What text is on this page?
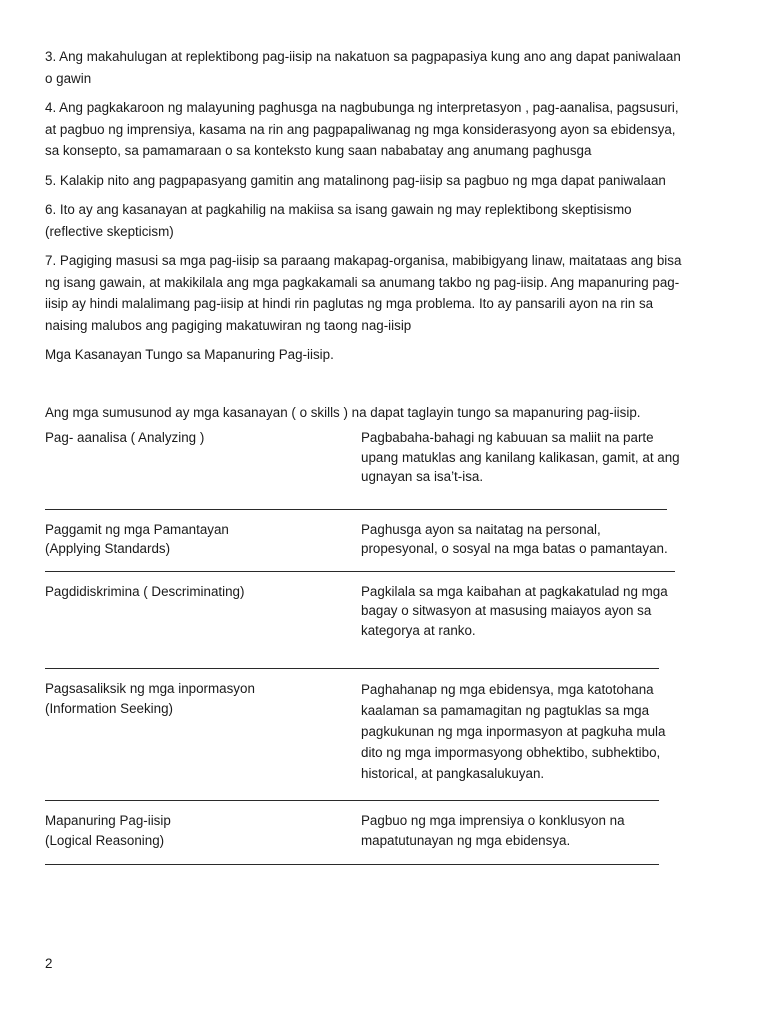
3. Ang makahulugan at replektibong pag-iisip na nakatuon sa pagpapasiya kung ano ang dapat paniwalaan o gawin

4. Ang pagkakaroon ng malayuning paghusga na nagbubunga ng interpretasyon , pag-aanalisa, pagsusuri, at pagbuo ng imprensiya, kasama na rin ang pagpapaliwanag ng mga konsiderasyong ayon sa ebidensya, sa konsepto, sa pamamaraan o sa konteksto kung saan nababatay ang anumang paghusga

5. Kalakip nito ang pagpapasyang gamitin ang matalinong pag-iisip sa pagbuo ng mga dapat paniwalaan

6. Ito ay ang kasanayan at pagkahilig na makiisa sa isang gawain ng may replektibong skeptisismo (reflective skepticism)

7. Pagiging masusi sa mga pag-iisip sa paraang makapag-organisa, mabibigyang linaw, maitataas ang bisa ng isang gawain, at makikilala ang mga pagkakamali sa anumang takbo ng pag-iisip. Ang mapanuring pag-iisip ay hindi malalimang pag-iisip at hindi rin paglutas ng mga problema. Ito ay pansarili ayon na rin sa naising malubos ang pagiging makatuwiran ng taong nag-iisip

Mga Kasanayan Tungo sa Mapanuring Pag-iisip.

Ang mga sumusunod ay mga kasanayan ( o skills ) na dapat taglayin tungo sa mapanuring pag-iisip.

Pag- aanalisa ( Analyzing )	Pagbabaha-bahagi ng kabuuan sa maliit na parte upang matuklas ang kanilang kalikasan, gamit, at ang ugnayan sa isa’t-isa.
Paggamit ng mga Pamantayan
(Applying Standards)
Paghusga ayon sa naitatag na personal, propesyonal, o sosyal na mga batas o pamantayan.
Pagdidiskrimina ( Descriminating)	Pagkilala sa mga kaibahan at pagkakatulad ng mga bagay o sitwasyon at masusing maiayos ayon sa kategorya at ranko.
Pagsasaliksik ng mga inpormasyon
(Information Seeking)
Paghahanap ng mga ebidensya, mga katotohana kaalaman sa pamamagitan ng pagtuklas sa mga pagkukunan ng mga inpormasyon at pagkuha mula dito ng mga impormasyong obhektibo, subhektibo, historical, at pangkasalukuyan.
Mapanuring Pag-iisip
(Logical Reasoning)
Pagbuo ng mga imprensiya o konklusyon na mapatutunayan ng mga ebidensya.
2
